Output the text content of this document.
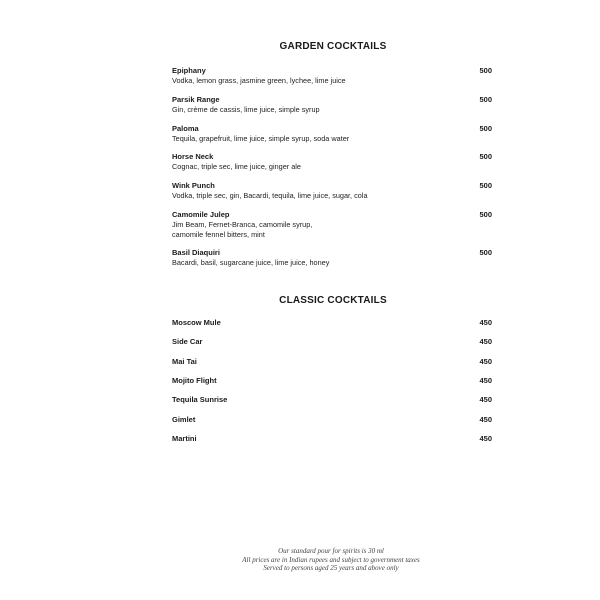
GARDEN COCKTAILS
Epiphany
Vodka, lemon grass, jasmine green, lychee, lime juice
500
Parsik Range
Gin, crème de cassis, lime juice, simple syrup
500
Paloma
Tequila, grapefruit, lime juice, simple syrup, soda water
500
Horse Neck
Cognac, triple sec, lime juice, ginger ale
500
Wink Punch
Vodka, triple sec, gin, Bacardi, tequila, lime juice, sugar, cola
500
Camomile Julep
Jim Beam, Fernet-Branca, camomile syrup,
camomile fennel bitters, mint
500
Basil Diaquiri
Bacardi, basil, sugarcane juice, lime juice, honey
500
CLASSIC COCKTAILS
Moscow Mule	450
Side Car	450
Mai Tai	450
Mojito Flight	450
Tequila Sunrise	450
Gimlet	450
Martini	450
Our standard pour for spirits is 30 ml
All prices are in Indian rupees and subject to government taxes
Served to persons aged 25 years and above only
